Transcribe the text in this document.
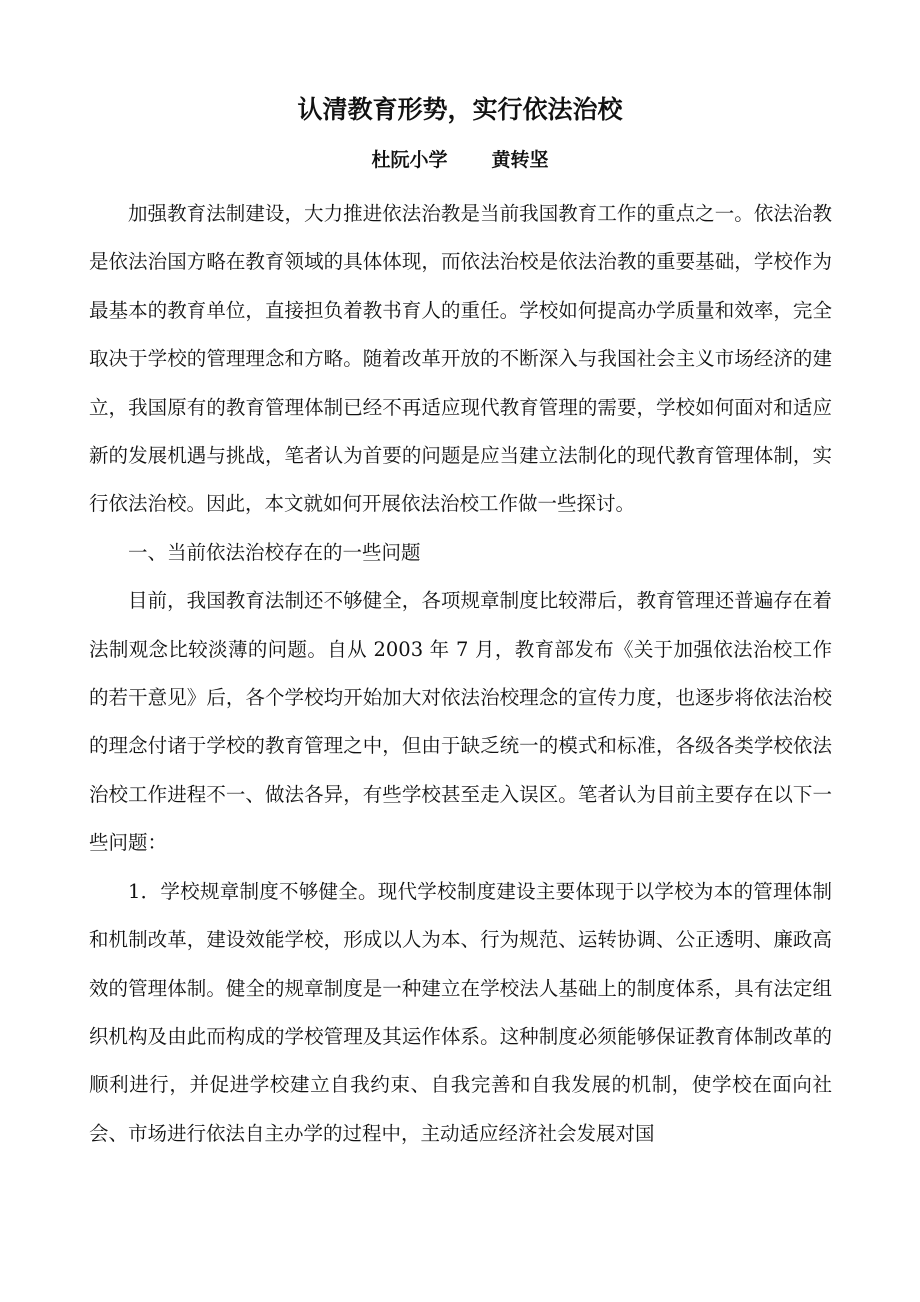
认清教育形势，实行依法治校
杜阮小学 黄转坚

加强教育法制建设，大力推进依法治教是当前我国教育工作的重点之一。依法治教是依法治国方略在教育领域的具体体现，而依法治校是依法治教的重要基础，学校作为最基本的教育单位，直接担负着教书育人的重任。学校如何提高办学质量和效率，完全取决于学校的管理理念和方略。随着改革开放的不断深入与我国社会主义市场经济的建立，我国原有的教育管理体制已经不再适应现代教育管理的需要，学校如何面对和适应新的发展机遇与挑战，笔者认为首要的问题是应当建立法制化的现代教育管理体制，实行依法治校。因此，本文就如何开展依法治校工作做一些探讨。

一、当前依法治校存在的一些问题

目前，我国教育法制还不够健全，各项规章制度比较滞后，教育管理还普遍存在着法制观念比较淡薄的问题。自从 2003 年 7 月，教育部发布《关于加强依法治校工作的若干意见》后，各个学校均开始加大对依法治校理念的宣传力度，也逐步将依法治校的理念付诸于学校的教育管理之中，但由于缺乏统一的模式和标准，各级各类学校依法治校工作进程不一、做法各异，有些学校甚至走入误区。笔者认为目前主要存在以下一些问题：

1．学校规章制度不够健全。现代学校制度建设主要体现于以学校为本的管理体制和机制改革，建设效能学校，形成以人为本、行为规范、运转协调、公正透明、廉政高效的管理体制。健全的规章制度是一种建立在学校法人基础上的制度体系，具有法定组织机构及由此而构成的学校管理及其运作体系。这种制度必须能够保证教育体制改革的顺利进行，并促进学校建立自我约束、自我完善和自我发展的机制，使学校在面向社会、市场进行依法自主办学的过程中，主动适应经济社会发展对国
